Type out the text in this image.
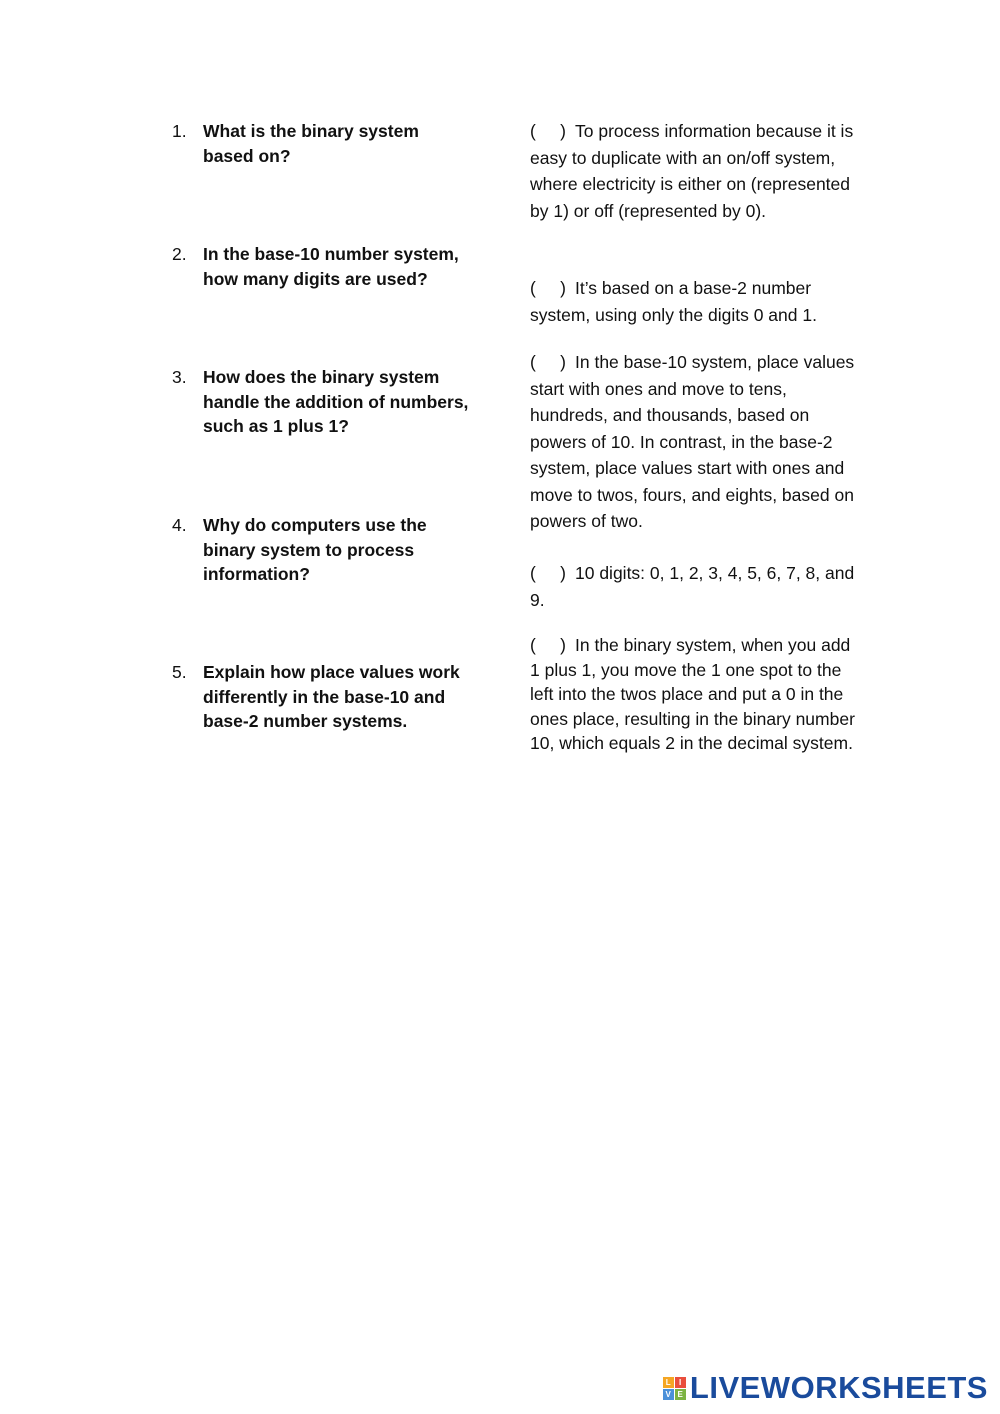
1. What is the binary system based on?
2. In the base-10 number system, how many digits are used?
3. How does the binary system handle the addition of numbers, such as 1 plus 1?
4. Why do computers use the binary system to process information?
5. Explain how place values work differently in the base-10 and base-2 number systems.
(     ) To process information because it is easy to duplicate with an on/off system, where electricity is either on (represented by 1) or off (represented by 0).
(     ) It’s based on a base-2 number system, using only the digits 0 and 1.
(     ) In the base-10 system, place values start with ones and move to tens, hundreds, and thousands, based on powers of 10. In contrast, in the base-2 system, place values start with ones and move to twos, fours, and eights, based on powers of two.
(     ) 10 digits: 0, 1, 2, 3, 4, 5, 6, 7, 8, and 9.
(     ) In the binary system, when you add 1 plus 1, you move the 1 one spot to the left into the twos place and put a 0 in the ones place, resulting in the binary number 10, which equals 2 in the decimal system.
L I
V E LIVEWORKSHEETS
